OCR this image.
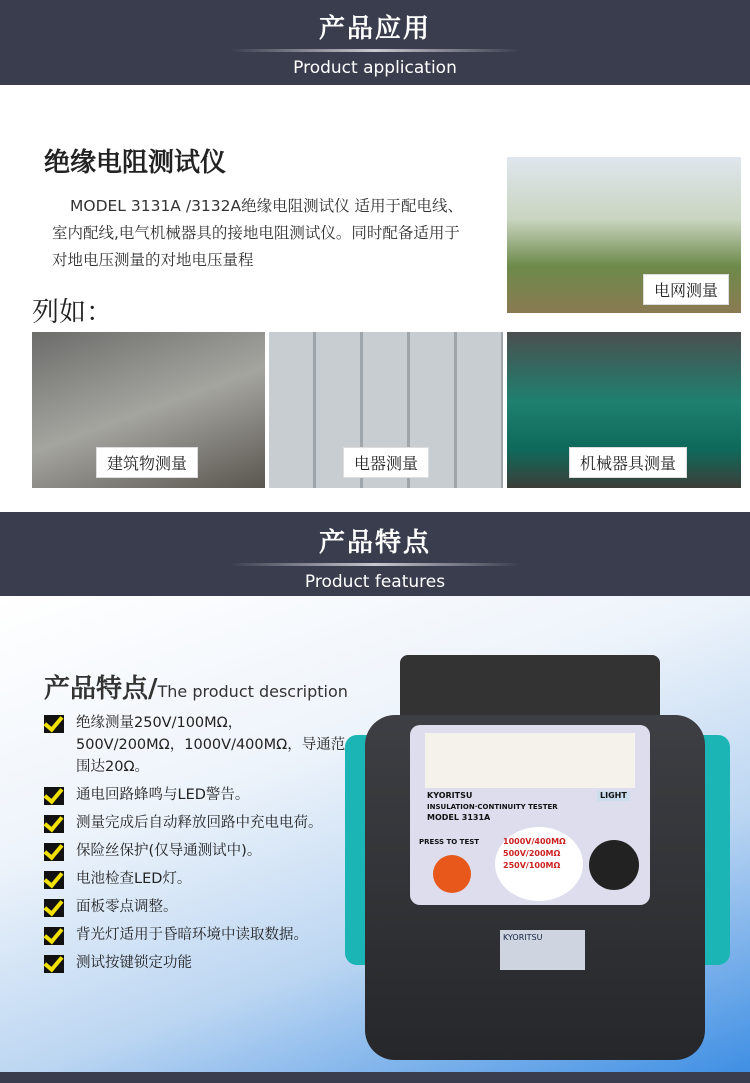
产品应用
Product application
绝缘电阻测试仪
MODEL 3131A /3132A绝缘电阻测试仪 适用于配电线、室内配线,电气机械器具的接地电阻测试仪。同时配备适用于对地电压测量的对地电压量程
列如：
电网测量
建筑物测量	电器测量	机械器具测量
产品特点
Product features
产品特点/The product description
绝缘测量250V/100MΩ，500V/200MΩ，1000V/400MΩ，导通范围达20Ω。
通电回路蜂鸣与LED警告。
测量完成后自动释放回路中充电电荷。
保险丝保护(仅导通测试中)。
电池检查LED灯。
面板零点调整。
背光灯适用于昏暗环境中读取数据。
测试按键锁定功能
KYORITSU	LIGHT
INSULATION·CONTINUITY TESTER
MODEL 3131A
PRESS TO TEST	1000V/400MΩ
500V/200MΩ
250V/100MΩ
KYORITSU
